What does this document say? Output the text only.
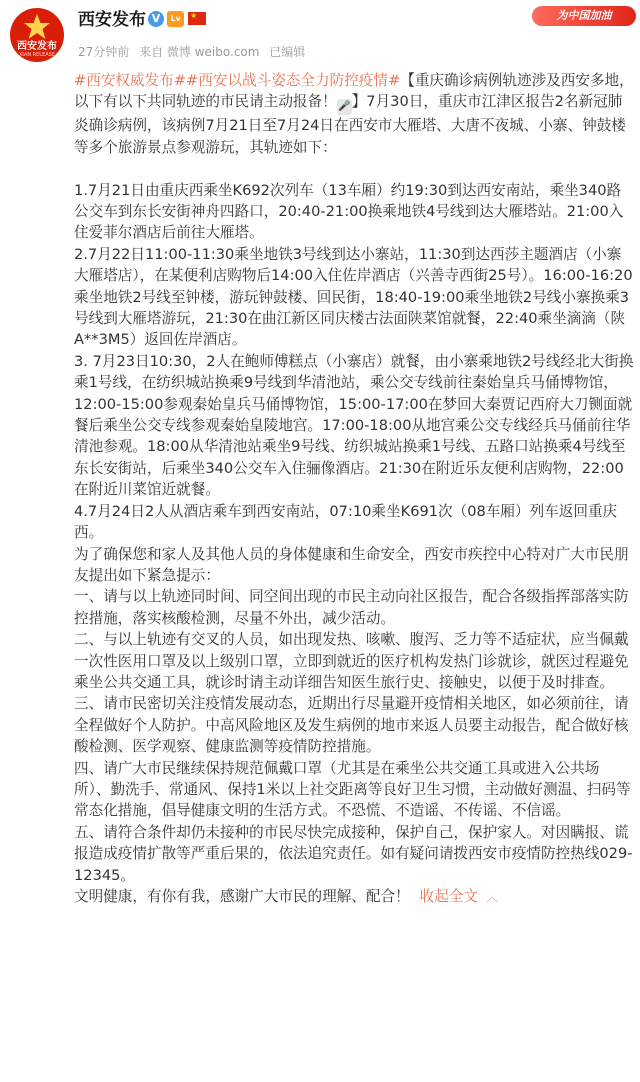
西安发布
XIAN RELEASE
西安发布 V	Lv	★
27分钟前 来自 微博 weibo.com 已编辑
为中国加油

#西安权威发布##西安以战斗姿态全力防控疫情#【重庆确诊病例轨迹涉及西安多地，以下有以下共同轨迹的市民请主动报备！🎤】7月30日，重庆市江津区报告2名新冠肺炎确诊病例，该病例7月21日至7月24日在西安市大雁塔、大唐不夜城、小寨、钟鼓楼等多个旅游景点参观游玩，其轨迹如下：

1.7月21日由重庆西乘坐K692次列车（13车厢）约19:30到达西安南站，乘坐340路公交车到东长安街神舟四路口，20:40-21:00换乘地铁4号线到达大雁塔站。21:00入住爱菲尔酒店后前往大雁塔。

2.7月22日11:00-11:30乘坐地铁3号线到达小寨站，11:30到达西莎主题酒店（小寨大雁塔店），在某便利店购物后14:00入住佐岸酒店（兴善寺西街25号）。16:00-16:20乘坐地铁2号线至钟楼，游玩钟鼓楼、回民街，18:40-19:00乘坐地铁2号线小寨换乘3号线到大雁塔游玩，21:30在曲江新区同庆楼古法面陕菜馆就餐，22:40乘坐滴滴（陕A**3M5）返回佐岸酒店。

3. 7月23日10:30，2人在鲍师傅糕点（小寨店）就餐，由小寨乘地铁2号线经北大街换乘1号线，在纺织城站换乘9号线到华清池站，乘公交专线前往秦始皇兵马俑博物馆，12:00-15:00参观秦始皇兵马俑博物馆，15:00-17:00在梦回大秦贾记西府大刀铡面就餐后乘坐公交专线参观秦始皇陵地宫。17:00-18:00从地宫乘公交专线经兵马俑前往华清池参观。18:00从华清池站乘坐9号线、纺织城站换乘1号线、五路口站换乘4号线至东长安街站，后乘坐340公交车入住骊像酒店。21:30在附近乐友便利店购物，22:00在附近川菜馆近就餐。

4.7月24日2人从酒店乘车到西安南站，07:10乘坐K691次（08车厢）列车返回重庆西。

为了确保您和家人及其他人员的身体健康和生命安全，西安市疾控中心特对广大市民朋友提出如下紧急提示：

一、请与以上轨迹同时间、同空间出现的市民主动向社区报告，配合各级指挥部落实防控措施，落实核酸检测，尽量不外出，减少活动。

二、与以上轨迹有交叉的人员，如出现发热、咳嗽、腹泻、乏力等不适症状，应当佩戴一次性医用口罩及以上级别口罩，立即到就近的医疗机构发热门诊就诊，就医过程避免乘坐公共交通工具，就诊时请主动详细告知医生旅行史、接触史，以便于及时排查。

三、请市民密切关注疫情发展动态，近期出行尽量避开疫情相关地区，如必须前往，请全程做好个人防护。中高风险地区及发生病例的地市来返人员要主动报告，配合做好核酸检测、医学观察、健康监测等疫情防控措施。

四、请广大市民继续保持规范佩戴口罩（尤其是在乘坐公共交通工具或进入公共场所）、勤洗手、常通风、保持1米以上社交距离等良好卫生习惯，主动做好测温、扫码等常态化措施，倡导健康文明的生活方式。不恐慌、不造谣、不传谣、不信谣。

五、请符合条件却仍未接种的市民尽快完成接种，保护自己，保护家人。对因瞒报、谎报造成疫情扩散等严重后果的，依法追究责任。如有疑问请拨西安市疫情防控热线029-12345。

文明健康，有你有我，感谢广大市民的理解、配合！ 收起全文 ︿
